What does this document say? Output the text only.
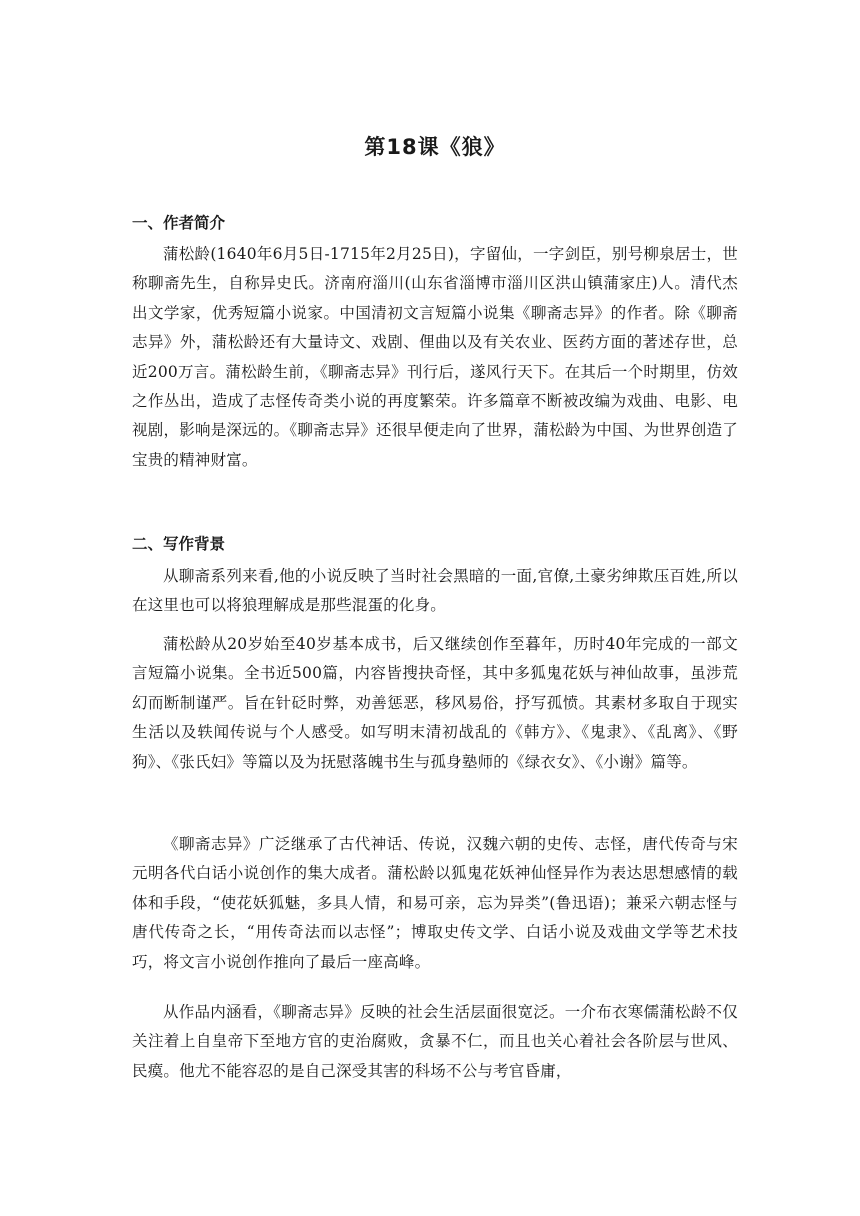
第18课《狼》
一、作者简介

蒲松龄(1640年6月5日-1715年2月25日)，字留仙，一字剑臣，别号柳泉居士，世称聊斋先生，自称异史氏。济南府淄川(山东省淄博市淄川区洪山镇蒲家庄)人。清代杰出文学家，优秀短篇小说家。中国清初文言短篇小说集《聊斋志异》的作者。除《聊斋志异》外，蒲松龄还有大量诗文、戏剧、俚曲以及有关农业、医药方面的著述存世，总近200万言。蒲松龄生前，《聊斋志异》刊行后，遂风行天下。在其后一个时期里，仿效之作丛出，造成了志怪传奇类小说的再度繁荣。许多篇章不断被改编为戏曲、电影、电视剧，影响是深远的。《聊斋志异》还很早便走向了世界，蒲松龄为中国、为世界创造了宝贵的精神财富。

二、写作背景

从聊斋系列来看,他的小说反映了当时社会黑暗的一面,官僚,土豪劣绅欺压百姓,所以在这里也可以将狼理解成是那些混蛋的化身。

蒲松龄从20岁始至40岁基本成书，后又继续创作至暮年，历时40年完成的一部文言短篇小说集。全书近500篇，内容皆搜抉奇怪，其中多狐鬼花妖与神仙故事，虽涉荒幻而断制谨严。旨在针砭时弊，劝善惩恶，移风易俗，抒写孤愤。其素材多取自于现实生活以及轶闻传说与个人感受。如写明末清初战乱的《韩方》、《鬼隶》、《乱离》、《野狗》、《张氏妇》等篇以及为抚慰落魄书生与孤身塾师的《绿衣女》、《小谢》篇等。

《聊斋志异》广泛继承了古代神话、传说，汉魏六朝的史传、志怪，唐代传奇与宋元明各代白话小说创作的集大成者。蒲松龄以狐鬼花妖神仙怪异作为表达思想感情的载体和手段，“使花妖狐魅，多具人情，和易可亲，忘为异类”(鲁迅语)；兼采六朝志怪与唐代传奇之长，“用传奇法而以志怪”；博取史传文学、白话小说及戏曲文学等艺术技巧，将文言小说创作推向了最后一座高峰。

从作品内涵看，《聊斋志异》反映的社会生活层面很宽泛。一介布衣寒儒蒲松龄不仅关注着上自皇帝下至地方官的吏治腐败，贪暴不仁，而且也关心着社会各阶层与世风、民瘼。他尤不能容忍的是自己深受其害的科场不公与考官昏庸，
